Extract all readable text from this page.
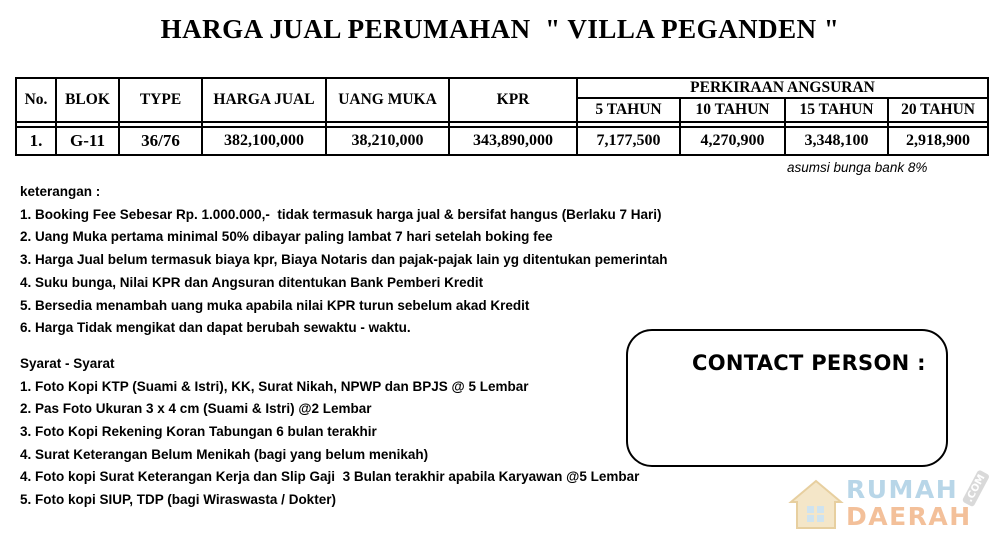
HARGA JUAL PERUMAHAN  " VILLA PEGANDEN "
No.	BLOK	TYPE	HARGA JUAL	UANG MUKA	KPR	PERKIRAAN ANGSURAN			
						5 TAHUN	10 TAHUN	15 TAHUN	20 TAHUN

1.	G-11	36/76	382,100,000	38,210,000	343,890,000	7,177,500	4,270,900	3,348,100	2,918,900
asumsi bunga bank 8%
keterangan :
1. Booking Fee Sebesar Rp. 1.000.000,-  tidak termasuk harga jual & bersifat hangus (Berlaku 7 Hari)
2. Uang Muka pertama minimal 50% dibayar paling lambat 7 hari setelah boking fee
3. Harga Jual belum termasuk biaya kpr, Biaya Notaris dan pajak-pajak lain yg ditentukan pemerintah
4. Suku bunga, Nilai KPR dan Angsuran ditentukan Bank Pemberi Kredit
5. Bersedia menambah uang muka apabila nilai KPR turun sebelum akad Kredit
6. Harga Tidak mengikat dan dapat berubah sewaktu - waktu.
Syarat - Syarat
1. Foto Kopi KTP (Suami & Istri), KK, Surat Nikah, NPWP dan BPJS @ 5 Lembar
2. Pas Foto Ukuran 3 x 4 cm (Suami & Istri) @2 Lembar
3. Foto Kopi Rekening Koran Tabungan 6 bulan terakhir
4. Surat Keterangan Belum Menikah (bagi yang belum menikah)
4. Foto kopi Surat Keterangan Kerja dan Slip Gaji  3 Bulan terakhir apabila Karyawan @5 Lembar
5. Foto kopi SIUP, TDP (bagi Wiraswasta / Dokter)
CONTACT PERSON :
RUMAH
DAERAH
.COM
